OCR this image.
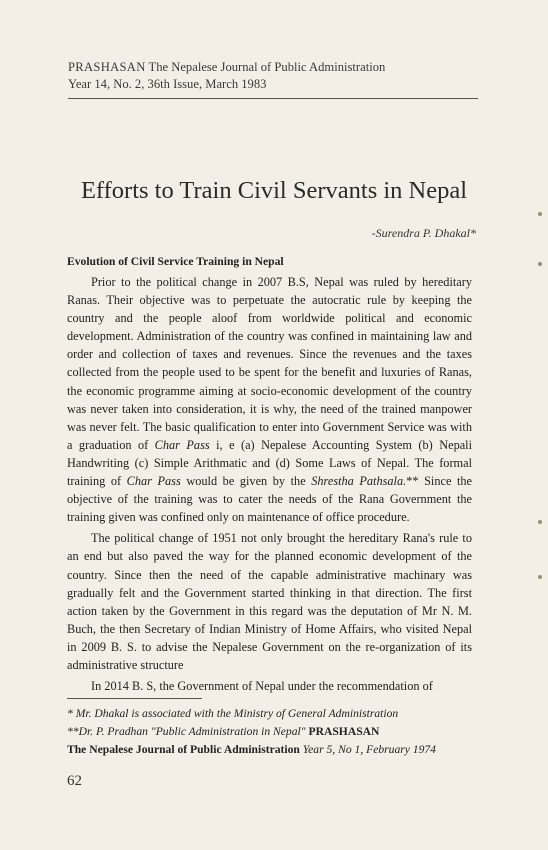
PRASHASAN The Nepalese Journal of Public Administration
Year 14, No. 2, 36th Issue, March 1983
Efforts to Train Civil Servants in Nepal
-Surendra P. Dhakal*
Evolution of Civil Service Training in Nepal

Prior to the political change in 2007 B.S, Nepal was ruled by hereditary Ranas. Their objective was to perpetuate the autocratic rule by keeping the country and the people aloof from worldwide political and economic development. Administration of the country was confined in maintaining law and order and collection of taxes and revenues. Since the revenues and the taxes collected from the people used to be spent for the benefit and luxuries of Ranas, the economic programme aiming at socio-economic development of the country was never taken into consideration, it is why, the need of the trained manpower was never felt. The basic qualification to enter into Government Service was with a graduation of Char Pass i, e (a) Nepalese Accounting System (b) Nepali Handwriting (c) Simple Arithmatic and (d) Some Laws of Nepal. The formal training of Char Pass would be given by the Shrestha Pathsala.** Since the objective of the training was to cater the needs of the Rana Government the training given was confined only on maintenance of office procedure.

The political change of 1951 not only brought the hereditary Rana's rule to an end but also paved the way for the planned economic development of the country. Since then the need of the capable administrative machinary was gradually felt and the Government started thinking in that direction. The first action taken by the Government in this regard was the deputation of Mr N. M. Buch, the then Secretary of Indian Ministry of Home Affairs, who visited Nepal in 2009 B. S. to advise the Nepalese Government on the re-organization of its administrative structure

In 2014 B. S, the Government of Nepal under the recommendation of

* Mr. Dhakal is associated with the Ministry of General Administration
**Dr. P. Pradhan "Public Administration in Nepal" PRASHASAN
The Nepalese Journal of Public Administration Year 5, No 1, February 1974
62
